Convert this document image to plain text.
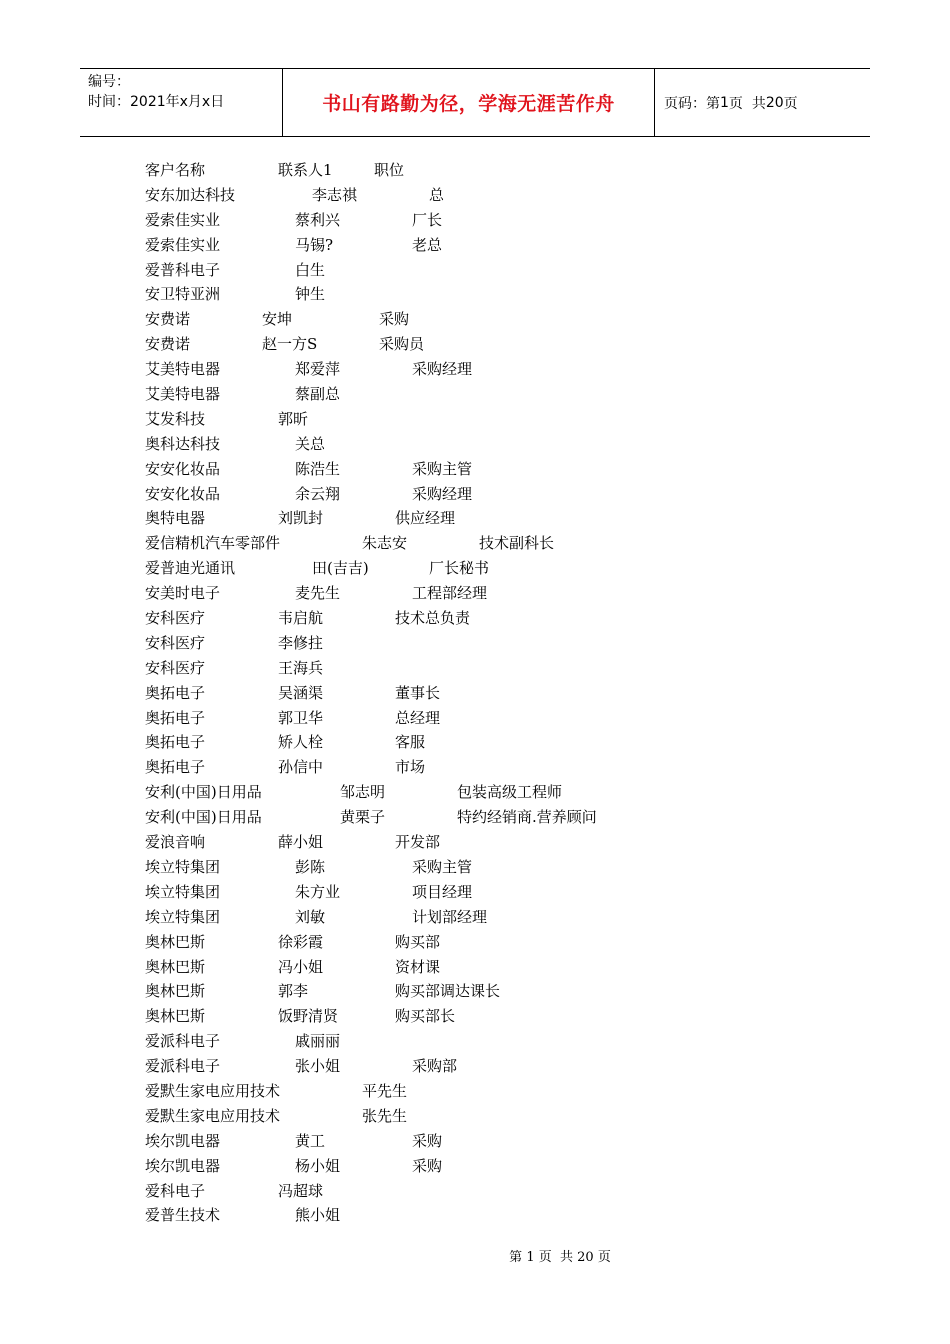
编号：
时间：2021年x月x日	书山有路勤为径，学海无涯苦作舟	页码：第 1 页  共 20 页
客户名称	联系人1	职位
安东加达科技	李志祺	总
爱索佳实业	蔡利兴	厂长
爱索佳实业	马锡?	老总
爱普科电子	白生
安卫特亚洲	钟生
安费诺	安坤	采购
安费诺	赵一方S	采购员
艾美特电器	郑爱萍	采购经理
艾美特电器	蔡副总
艾发科技	郭昕
奥科达科技	关总
安安化妆品	陈浩生	采购主管
安安化妆品	余云翔	采购经理
奥特电器	刘凯封	供应经理
爱信精机汽车零部件	朱志安	技术副科长
爱普迪光通讯	田(吉吉)	厂长秘书
安美时电子	麦先生	工程部经理
安科医疗	韦启航	技术总负责
安科医疗	李修拄
安科医疗	王海兵
奥拓电子	吴涵渠	董事长
奥拓电子	郭卫华	总经理
奥拓电子	矫人栓	客服
奥拓电子	孙信中	市场
安利(中国)日用品	邹志明	包装高级工程师
安利(中国)日用品	黄栗子	特约经销商.营养顾问
爱浪音响	薛小姐	开发部
埃立特集团	彭陈	采购主管
埃立特集团	朱方业	项目经理
埃立特集团	刘敏	计划部经理
奥林巴斯	徐彩霞	购买部
奥林巴斯	冯小姐	资材课
奥林巴斯	郭李	购买部调达课长
奥林巴斯	饭野清贤	购买部长
爱派科电子	戚丽丽
爱派科电子	张小姐	采购部
爱默生家电应用技术	平先生
爱默生家电应用技术	张先生
埃尔凯电器	黄工	采购
埃尔凯电器	杨小姐	采购
爱科电子	冯超球
爱普生技术	熊小姐
第 1 页  共 20 页
